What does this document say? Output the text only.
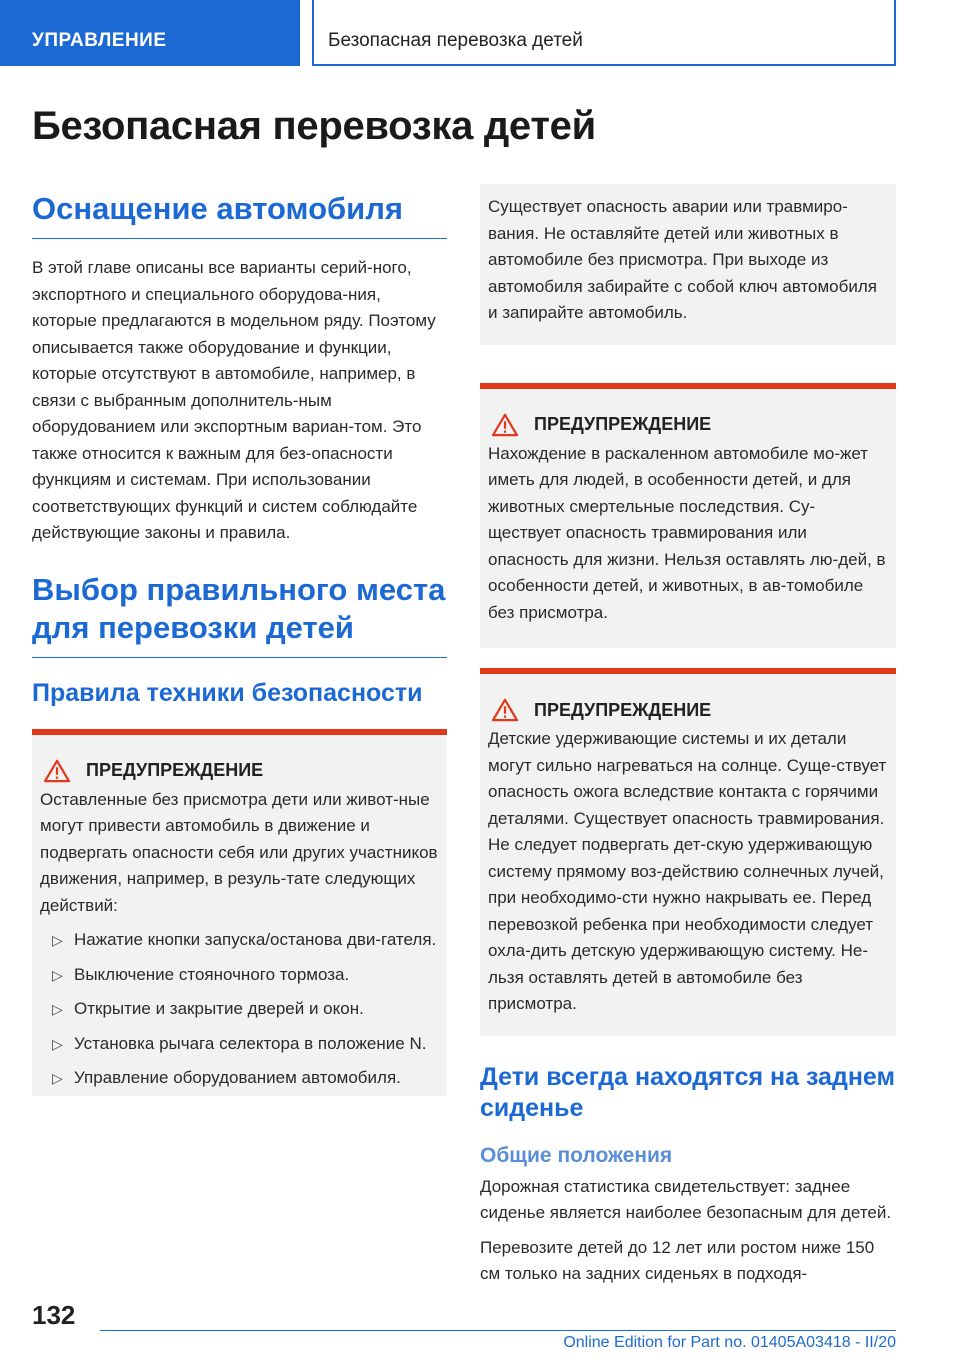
УПРАВЛЕНИЕ	Безопасная перевозка детей
Безопасная перевозка детей
Оснащение автомобиля
В этой главе описаны все варианты серий-ного, экспортного и специального оборудова-ния, которые предлагаются в модельном ряду. Поэтому описывается также оборудование и функции, которые отсутствуют в автомобиле, например, в связи с выбранным дополнитель-ным оборудованием или экспортным вариан-том. Это также относится к важным для без-опасности функциям и системам. При использовании соответствующих функций и систем соблюдайте действующие законы и правила.
Выбор правильного места для перевозки детей
Правила техники безопасности
ПРЕДУПРЕЖДЕНИЕ
Оставленные без присмотра дети или живот-ные могут привести автомобиль в движение и подвергать опасности себя или других участников движения, например, в резуль-тате следующих действий:
▷ Нажатие кнопки запуска/останова дви-гателя.
▷ Выключение стояночного тормоза.
▷ Открытие и закрытие дверей и окон.
▷ Установка рычага селектора в положение N.
▷ Управление оборудованием автомобиля.
Существует опасность аварии или травмиро-вания. Не оставляйте детей или животных в автомобиле без присмотра. При выходе из автомобиля забирайте с собой ключ автомобиля и запирайте автомобиль.
ПРЕДУПРЕЖДЕНИЕ
Нахождение в раскаленном автомобиле мо-жет иметь для людей, в особенности детей, и для животных смертельные последствия. Су-ществует опасность травмирования или опасность для жизни. Нельзя оставлять лю-дей, в особенности детей, и животных, в ав-томобиле без присмотра.
ПРЕДУПРЕЖДЕНИЕ
Детские удерживающие системы и их детали могут сильно нагреваться на солнце. Суще-ствует опасность ожога вследствие контакта с горячими деталями. Существует опасность травмирования. Не следует подвергать дет-скую удерживающую систему прямому воз-действию солнечных лучей, при необходимо-сти нужно накрывать ее. Перед перевозкой ребенка при необходимости следует охла-дить детскую удерживающую систему. Не-льзя оставлять детей в автомобиле без присмотра.
Дети всегда находятся на заднем сиденье
Общие положения
Дорожная статистика свидетельствует: заднее сиденье является наиболее безопасным для детей.
Перевозите детей до 12 лет или ростом ниже 150 см только на задних сиденьях в подходя-
132
Online Edition for Part no. 01405A03418 - II/20
